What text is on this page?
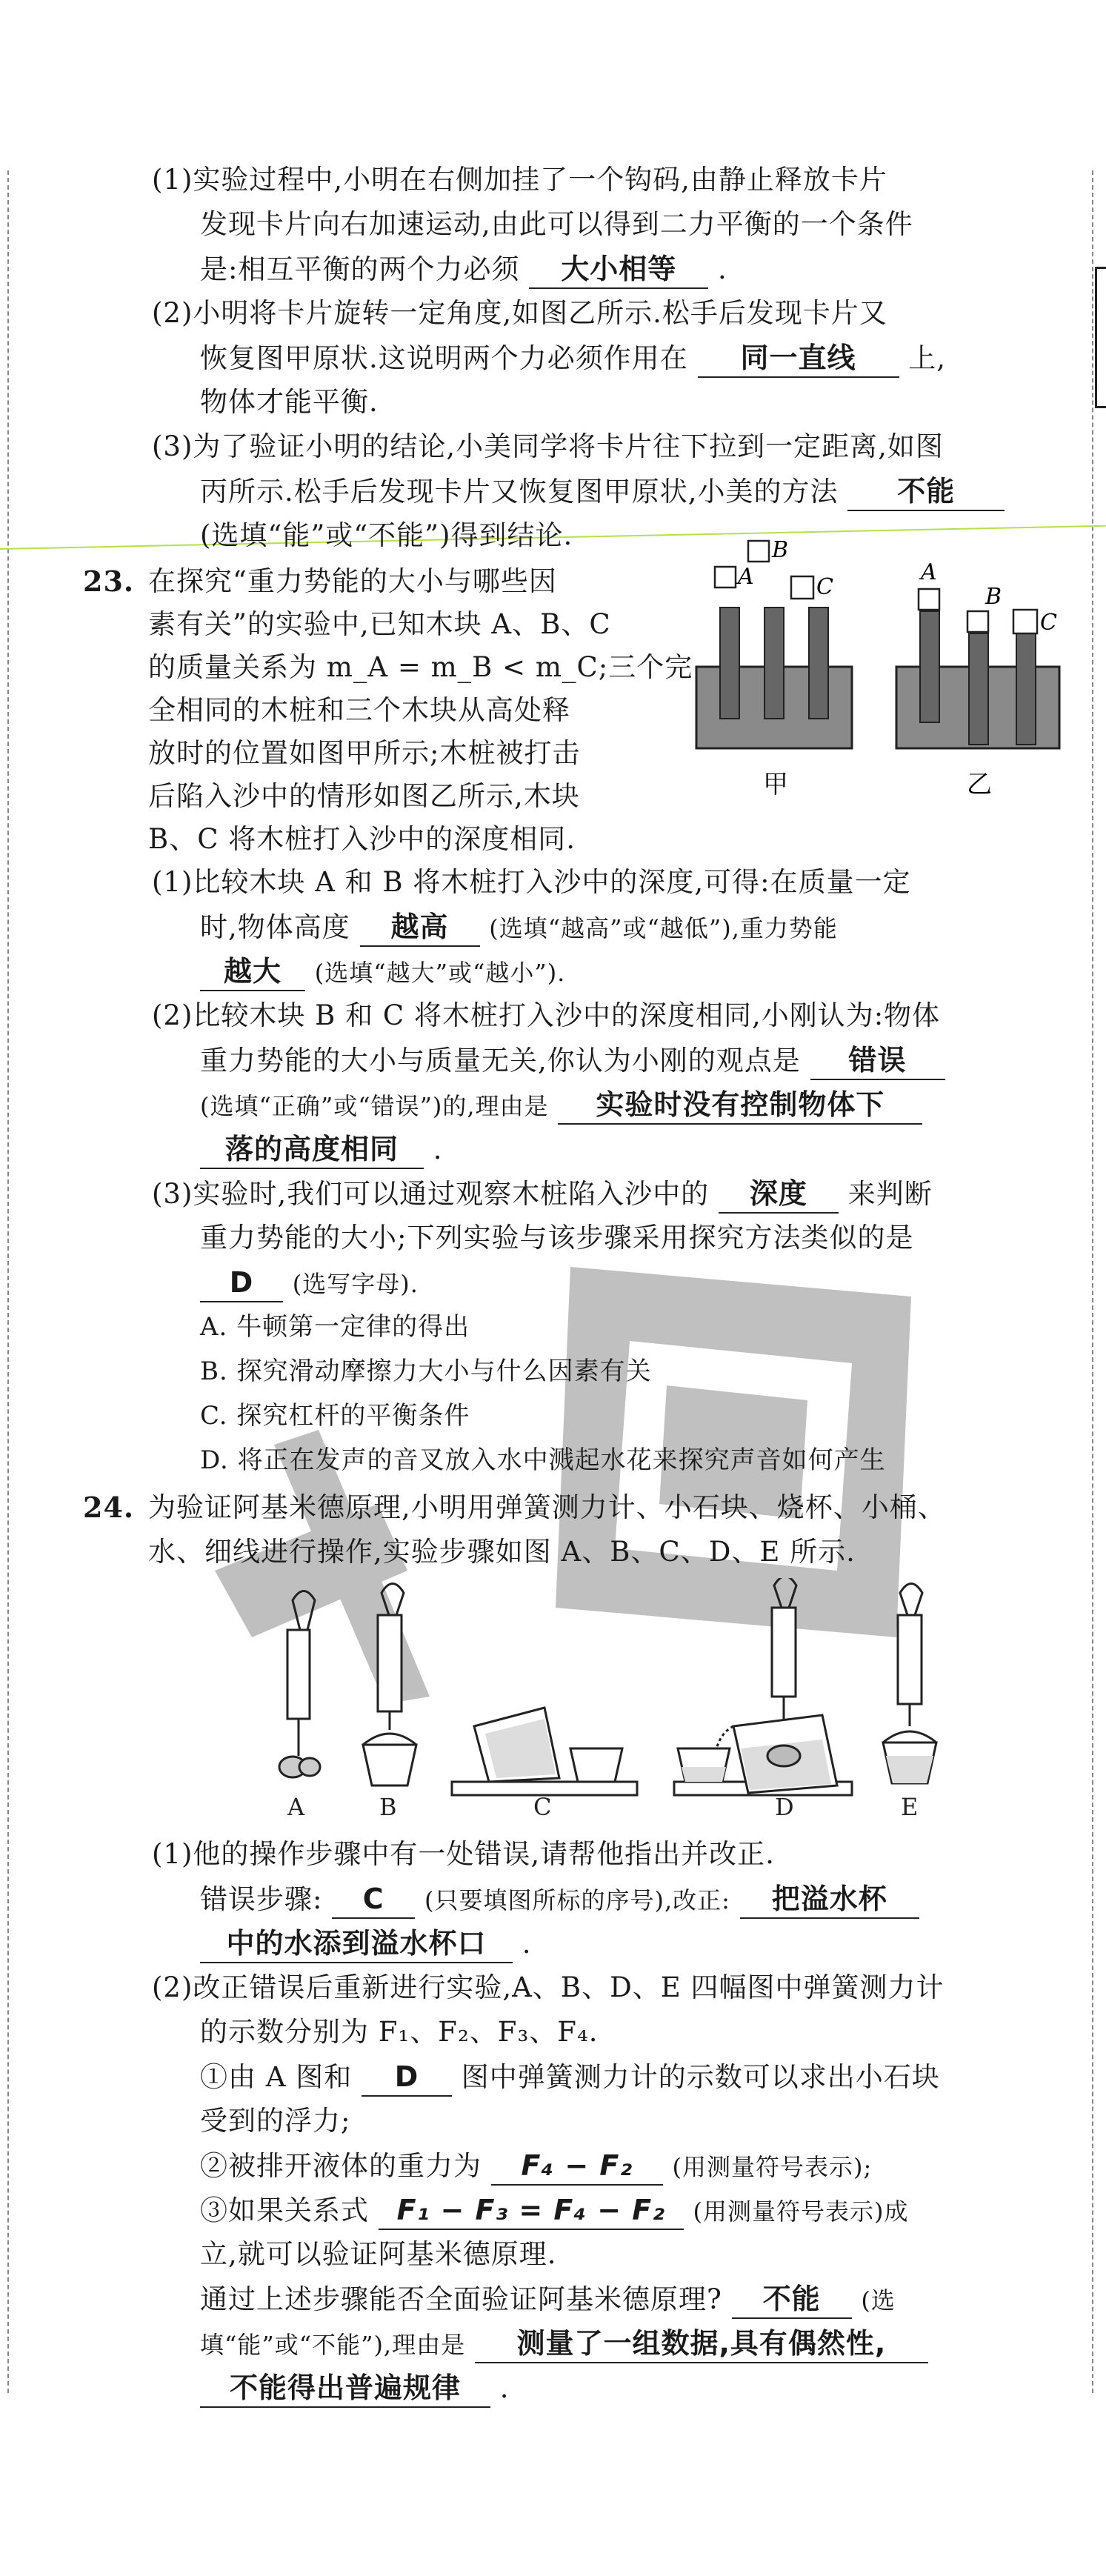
(1)实验过程中,小明在右侧加挂了一个钩码,由静止释放卡片
发现卡片向右加速运动,由此可以得到二力平衡的一个条件
是:相互平衡的两个力必须 大小相等 .
(2)小明将卡片旋转一定角度,如图乙所示.松手后发现卡片又
恢复图甲原状.这说明两个力必须作用在 同一直线 上,
物体才能平衡.
(3)为了验证小明的结论,小美同学将卡片往下拉到一定距离,如图
丙所示.松手后发现卡片又恢复图甲原状,小美的方法 不能
(选填“能”或“不能”)得到结论.
23. 在探究“重力势能的大小与哪些因
素有关”的实验中,已知木块 A、B、C
的质量关系为 m_A = m_B < m_C;三个完
全相同的木桩和三个木块从高处释
放时的位置如图甲所示;木桩被打击
后陷入沙中的情形如图乙所示,木块
B、C 将木桩打入沙中的深度相同.
A
B
C
甲
A
B
C
乙
(1)比较木块 A 和 B 将木桩打入沙中的深度,可得:在质量一定
时,物体高度 越高 (选填“越高”或“越低”),重力势能
越大 (选填“越大”或“越小”).
(2)比较木块 B 和 C 将木桩打入沙中的深度相同,小刚认为:物体
重力势能的大小与质量无关,你认为小刚的观点是 错误
(选填“正确”或“错误”)的,理由是 实验时没有控制物体下
落的高度相同 .
(3)实验时,我们可以通过观察木桩陷入沙中的 深度 来判断
重力势能的大小;下列实验与该步骤采用探究方法类似的是
D (选写字母).
A. 牛顿第一定律的得出
B. 探究滑动摩擦力大小与什么因素有关
C. 探究杠杆的平衡条件
D. 将正在发声的音叉放入水中溅起水花来探究声音如何产生
24. 为验证阿基米德原理,小明用弹簧测力计、小石块、烧杯、小桶、
水、细线进行操作,实验步骤如图 A、B、C、D、E 所示.
A	B	C	D	E
(1)他的操作步骤中有一处错误,请帮他指出并改正.
错误步骤: C (只要填图所标的序号),改正: 把溢水杯
中的水添到溢水杯口 .
(2)改正错误后重新进行实验,A、B、D、E 四幅图中弹簧测力计
的示数分别为 F₁、F₂、F₃、F₄.
①由 A 图和 D 图中弹簧测力计的示数可以求出小石块
受到的浮力;
②被排开液体的重力为 F₄ − F₂ (用测量符号表示);
③如果关系式 F₁ − F₃ = F₄ − F₂ (用测量符号表示)成
立,就可以验证阿基米德原理.
通过上述步骤能否全面验证阿基米德原理? 不能 (选
填“能”或“不能”),理由是 测量了一组数据,具有偶然性,
不能得出普遍规律 .
